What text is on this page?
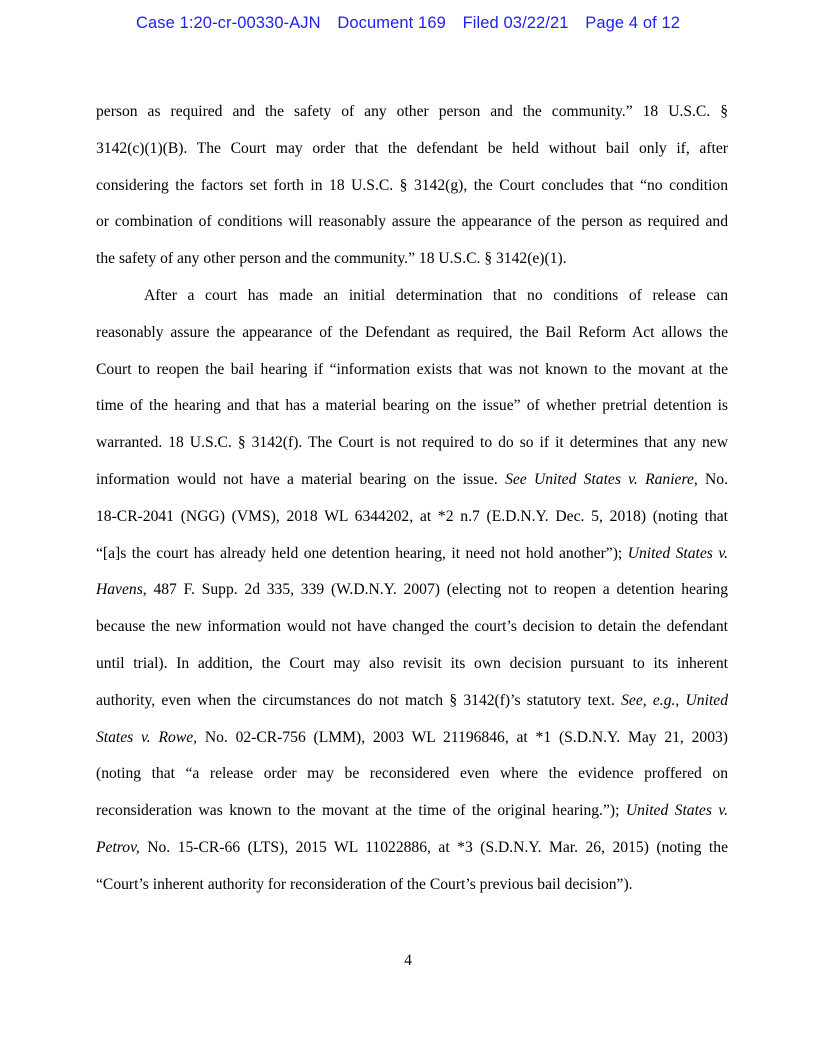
Case 1:20-cr-00330-AJN Document 169 Filed 03/22/21 Page 4 of 12
person as required and the safety of any other person and the community.” 18 U.S.C. §
3142(c)(1)(B). The Court may order that the defendant be held without bail only if, after
considering the factors set forth in 18 U.S.C. § 3142(g), the Court concludes that “no condition
or combination of conditions will reasonably assure the appearance of the person as required and
the safety of any other person and the community.” 18 U.S.C. § 3142(e)(1).
After a court has made an initial determination that no conditions of release can
reasonably assure the appearance of the Defendant as required, the Bail Reform Act allows the
Court to reopen the bail hearing if “information exists that was not known to the movant at the
time of the hearing and that has a material bearing on the issue” of whether pretrial detention is
warranted. 18 U.S.C. § 3142(f). The Court is not required to do so if it determines that any new
information would not have a material bearing on the issue. See United States v. Raniere, No.
18-CR-2041 (NGG) (VMS), 2018 WL 6344202, at *2 n.7 (E.D.N.Y. Dec. 5, 2018) (noting that
“[a]s the court has already held one detention hearing, it need not hold another”); United States v.
Havens, 487 F. Supp. 2d 335, 339 (W.D.N.Y. 2007) (electing not to reopen a detention hearing
because the new information would not have changed the court’s decision to detain the defendant
until trial). In addition, the Court may also revisit its own decision pursuant to its inherent
authority, even when the circumstances do not match § 3142(f)’s statutory text. See, e.g., United
States v. Rowe, No. 02-CR-756 (LMM), 2003 WL 21196846, at *1 (S.D.N.Y. May 21, 2003)
(noting that “a release order may be reconsidered even where the evidence proffered on
reconsideration was known to the movant at the time of the original hearing.”); United States v.
Petrov, No. 15-CR-66 (LTS), 2015 WL 11022886, at *3 (S.D.N.Y. Mar. 26, 2015) (noting the
“Court’s inherent authority for reconsideration of the Court’s previous bail decision”).
4
